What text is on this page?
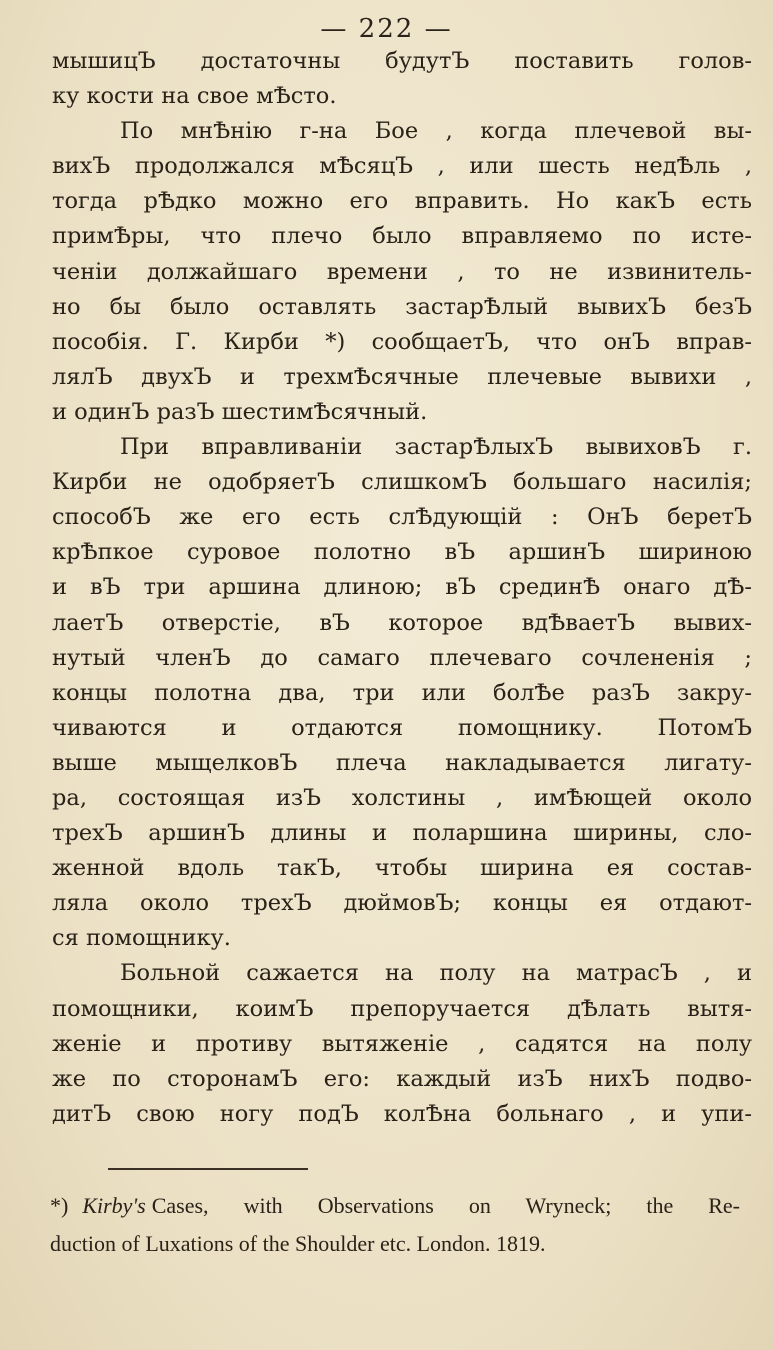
— 222 —
мышицЪ достаточны будутЪ поставить голов-
ку кости на свое мѢсто.
По мнѢнію г-на Бое , когда плечевой вы-
вихЪ продолжался мѢсяцЪ , или шесть недѢль ,
тогда рѢдко можно его вправить. Но какЪ есть
примѢры, что плечо было вправляемо по исте-
ченіи должайшаго времени , то не извинитель-
но бы было оставлять застарѢлый вывихЪ безЪ
пособія. Г. Кирби *) сообщаетЪ, что онЪ вправ-
лялЪ двухЪ и трехмѢсячные плечевые вывихи ,
и одинЪ разЪ шестимѢсячный.
При вправливаніи застарѢлыхЪ вывиховЪ г.
Кирби не одобряетЪ слишкомЪ большаго насилія;
способЪ же его есть слѢдующій : ОнЪ беретЪ
крѢпкое суровое полотно вЪ аршинЪ шириною
и вЪ три аршина длиною; вЪ срединѢ онаго дѢ-
лаетЪ отверстіе, вЪ которое вдѢваетЪ вывих-
нутый членЪ до самаго плечеваго сочлененія ;
концы полотна два, три или болѢе разЪ закру-
чиваются и отдаются помощнику. ПотомЪ
выше мыщелковЪ плеча накладывается лигату-
ра, состоящая изЪ холстины , имѢющей около
трехЪ аршинЪ длины и поларшина ширины, сло-
женной вдоль такЪ, чтобы ширина ея состав-
ляла около трехЪ дюймовЪ; концы ея отдают-
ся помощнику.
Больной сажается на полу на матрасЪ , и
помощники, коимЪ препоручается дѢлать вытя-
женіе и противу вытяженіе , садятся на полу
же по сторонамЪ его: каждый изЪ нихЪ подво-
дитЪ свою ногу подЪ колѢна больнаго , и упи-
*) Kirby's Cases, with Observations on Wryneck; the Re-
duction of Luxations of the Shoulder etc. London. 1819.
